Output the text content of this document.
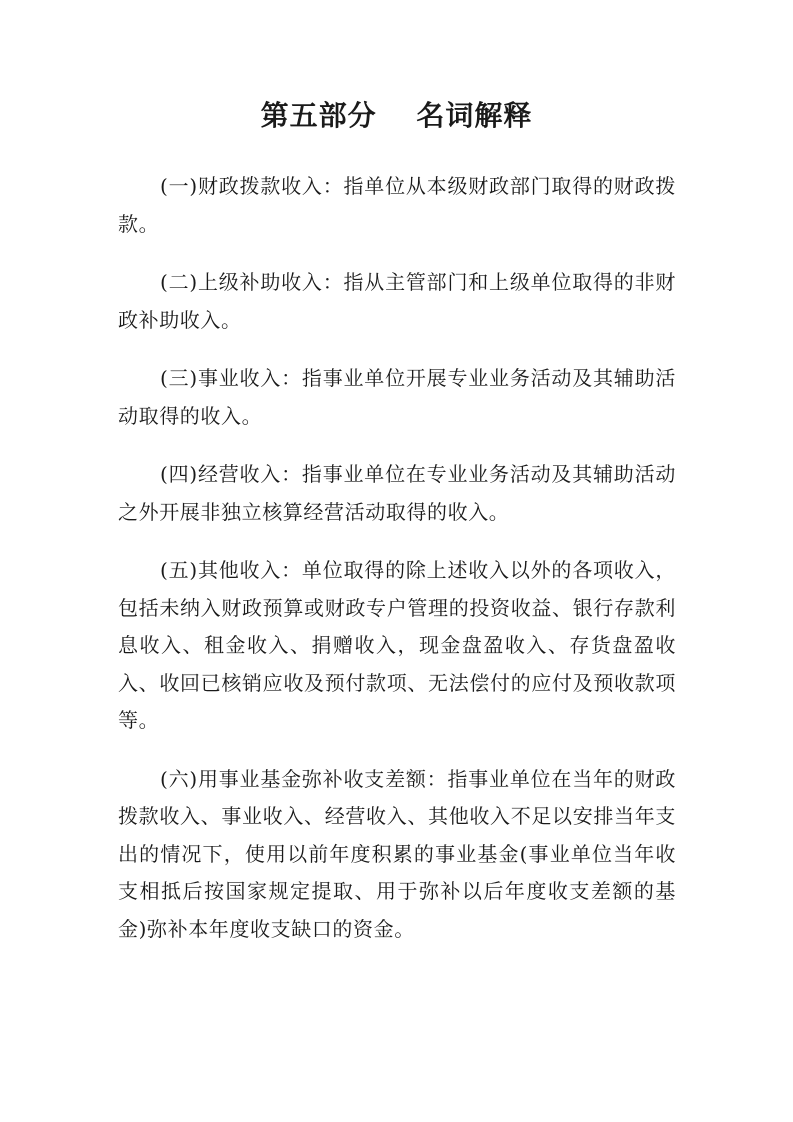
第五部分　 名词解释

(一)财政拨款收入：指单位从本级财政部门取得的财政拨款。

(二)上级补助收入：指从主管部门和上级单位取得的非财政补助收入。

(三)事业收入：指事业单位开展专业业务活动及其辅助活动取得的收入。

(四)经营收入：指事业单位在专业业务活动及其辅助活动之外开展非独立核算经营活动取得的收入。

(五)其他收入：单位取得的除上述收入以外的各项收入，包括未纳入财政预算或财政专户管理的投资收益、银行存款利息收入、租金收入、捐赠收入，现金盘盈收入、存货盘盈收入、收回已核销应收及预付款项、无法偿付的应付及预收款项等。

(六)用事业基金弥补收支差额：指事业单位在当年的财政拨款收入、事业收入、经营收入、其他收入不足以安排当年支出的情况下，使用以前年度积累的事业基金(事业单位当年收支相抵后按国家规定提取、用于弥补以后年度收支差额的基金)弥补本年度收支缺口的资金。
